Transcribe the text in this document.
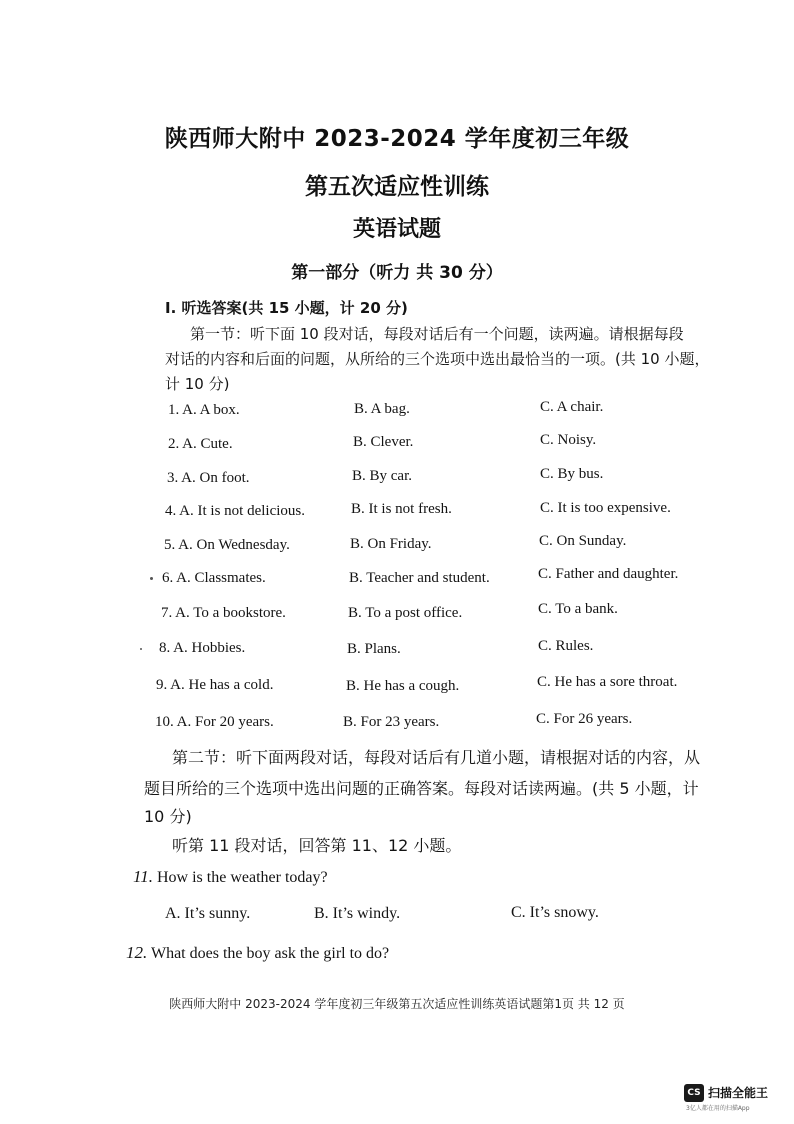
陕西师大附中 2023-2024 学年度初三年级
第五次适应性训练
英语试题
第一部分（听力 共 30 分）
I. 听选答案(共 15 小题，计 20 分)
第一节：听下面 10 段对话，每段对话后有一个问题，读两遍。请根据每段
对话的内容和后面的问题，从所给的三个选项中选出最恰当的一项。(共 10 小题，
计 10 分)
1. A. A box.	B. A bag.	C. A chair.
2. A. Cute.	B. Clever.	C. Noisy.
3. A. On foot.	B. By car.	C. By bus.
4. A. It is not delicious.	B. It is not fresh.	C. It is too expensive.
5. A. On Wednesday.	B. On Friday.	C. On Sunday.
6. A. Classmates.	B. Teacher and student.	C. Father and daughter.
7. A. To a bookstore.	B. To a post office.	C. To a bank.
8. A. Hobbies.	B. Plans.	C. Rules.
9. A. He has a cold.	B. He has a cough.	C. He has a sore throat.
10. A. For 20 years.	B. For 23 years.	C. For 26 years.
第二节：听下面两段对话，每段对话后有几道小题，请根据对话的内容，从
题目所给的三个选项中选出问题的正确答案。每段对话读两遍。(共 5 小题，计
10 分)
听第 11 段对话，回答第 11、12 小题。
11. How is the weather today?
A. It’s sunny.	B. It’s windy.	C. It’s snowy.
12. What does the boy ask the girl to do?
陕西师大附中 2023-2024 学年度初三年级第五次适应性训练英语试题第1页 共 12 页
CS 扫描全能王
3亿人都在用的扫描App
